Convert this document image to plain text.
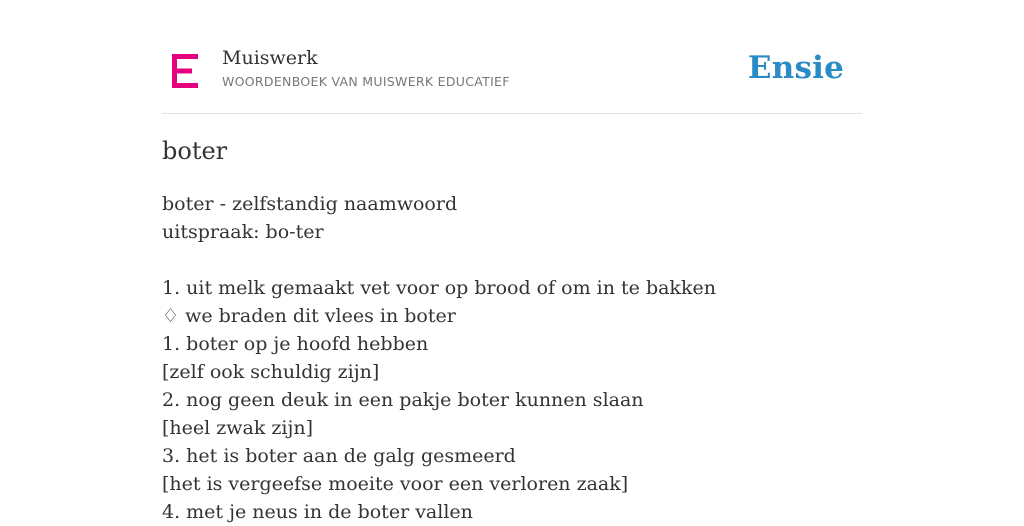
Muiswerk
WOORDENBOEK VAN MUISWERK EDUCATIEF	Ensie
boter
boter - zelfstandig naamwoord
uitspraak: bo-ter
1. uit melk gemaakt vet voor op brood of om in te bakken
♢ we braden dit vlees in boter
1. boter op je hoofd hebben
[zelf ook schuldig zijn]
2. nog geen deuk in een pakje boter kunnen slaan
[heel zwak zijn]
3. het is boter aan de galg gesmeerd
[het is vergeefse moeite voor een verloren zaak]
4. met je neus in de boter vallen
